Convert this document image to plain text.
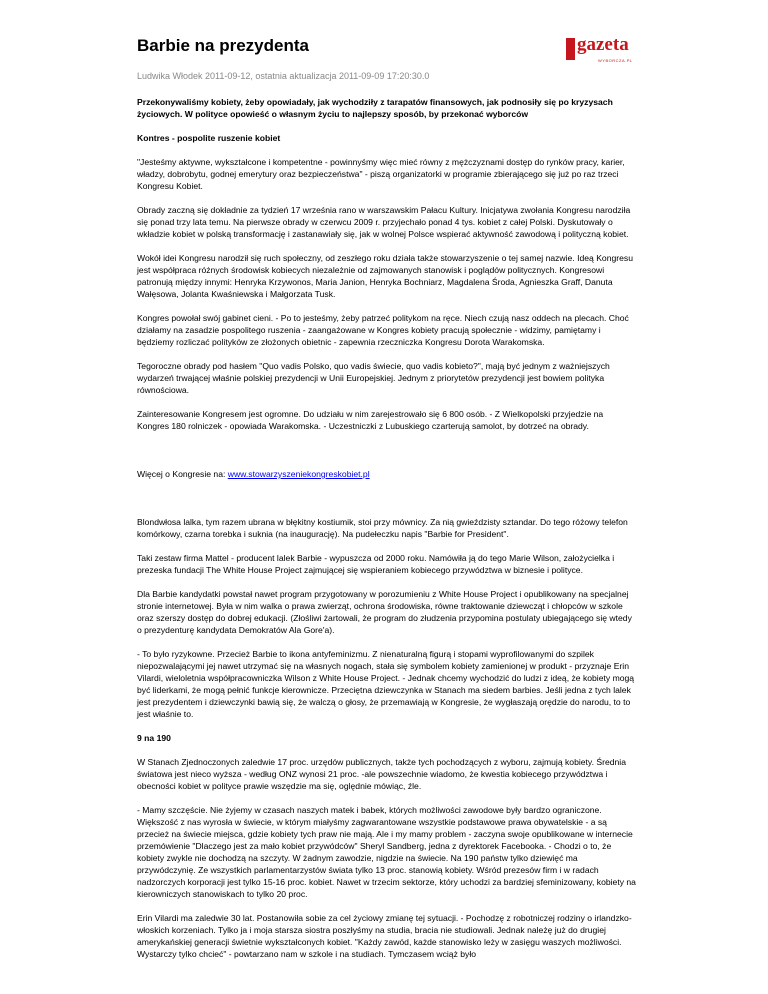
Barbie na prezydenta	gazeta
WYBORCZA.PL
Ludwika Włodek 2011-09-12, ostatnia aktualizacja 2011-09-09 17:20:30.0

Przekonywaliśmy kobiety, żeby opowiadały, jak wychodziły z tarapatów finansowych, jak podnosiły się po kryzysach życiowych. W polityce opowieść o własnym życiu to najlepszy sposób, by przekonać wyborców

Kontres - pospolite ruszenie kobiet

"Jesteśmy aktywne, wykształcone i kompetentne - powinnyśmy więc mieć równy z mężczyznami dostęp do rynków pracy, karier, władzy, dobrobytu, godnej emerytury oraz bezpieczeństwa" - piszą organizatorki w programie zbierającego się już po raz trzeci Kongresu Kobiet.

Obrady zaczną się dokładnie za tydzień 17 września rano w warszawskim Pałacu Kultury. Inicjatywa zwołania Kongresu narodziła się ponad trzy lata temu. Na pierwsze obrady w czerwcu 2009 r. przyjechało ponad 4 tys. kobiet z całej Polski. Dyskutowały o wkładzie kobiet w polską transformację i zastanawiały się, jak w wolnej Polsce wspierać aktywność zawodową i polityczną kobiet.

Wokół idei Kongresu narodził się ruch społeczny, od zeszłego roku działa także stowarzyszenie o tej samej nazwie. Ideą Kongresu jest współpraca różnych środowisk kobiecych niezależnie od zajmowanych stanowisk i poglądów politycznych. Kongresowi patronują między innymi: Henryka Krzywonos, Maria Janion, Henryka Bochniarz, Magdalena Środa, Agnieszka Graff, Danuta Wałęsowa, Jolanta Kwaśniewska i Małgorzata Tusk.

Kongres powołał swój gabinet cieni. - Po to jesteśmy, żeby patrzeć politykom na ręce. Niech czują nasz oddech na plecach. Choć działamy na zasadzie pospolitego ruszenia - zaangażowane w Kongres kobiety pracują społecznie - widzimy, pamiętamy i będziemy rozliczać polityków ze złożonych obietnic - zapewnia rzeczniczka Kongresu Dorota Warakomska.

Tegoroczne obrady pod hasłem "Quo vadis Polsko, quo vadis świecie, quo vadis kobieto?", mają być jednym z ważniejszych wydarzeń trwającej właśnie polskiej prezydencji w Unii Europejskiej. Jednym z priorytetów prezydencji jest bowiem polityka równościowa.

Zainteresowanie Kongresem jest ogromne. Do udziału w nim zarejestrowało się 6 800 osób. - Z Wielkopolski przyjedzie na Kongres 180 rolniczek - opowiada Warakomska. - Uczestniczki z Lubuskiego czarterują samolot, by dotrzeć na obrady.

Więcej o Kongresie na: www.stowarzyszeniekongreskobiet.pl

Blondwłosa lalka, tym razem ubrana w błękitny kostiumik, stoi przy mównicy. Za nią gwieździsty sztandar. Do tego różowy telefon komórkowy, czarna torebka i suknia (na inaugurację). Na pudełeczku napis "Barbie for President".

Taki zestaw firma Mattel - producent lalek Barbie - wypuszcza od 2000 roku. Namówiła ją do tego Marie Wilson, założycielka i prezeska fundacji The White House Project zajmującej się wspieraniem kobiecego przywództwa w biznesie i polityce.

Dla Barbie kandydatki powstał nawet program przygotowany w porozumieniu z White House Project i opublikowany na specjalnej stronie internetowej. Była w nim walka o prawa zwierząt, ochrona środowiska, równe traktowanie dziewcząt i chłopców w szkole oraz szerszy dostęp do dobrej edukacji. (Złośliwi żartowali, że program do złudzenia przypomina postulaty ubiegającego się wtedy o prezydenturę kandydata Demokratów Ala Gore'a).

- To było ryzykowne. Przecież Barbie to ikona antyfeminizmu. Z nienaturalną figurą i stopami wyprofilowanymi do szpilek niepozwalającymi jej nawet utrzymać się na własnych nogach, stała się symbolem kobiety zamienionej w produkt - przyznaje Erin Vilardi, wieloletnia współpracowniczka Wilson z White House Project. - Jednak chcemy wychodzić do ludzi z ideą, że kobiety mogą być liderkami, że mogą pełnić funkcje kierownicze. Przeciętna dziewczynka w Stanach ma siedem barbies. Jeśli jedna z tych lalek jest prezydentem i dziewczynki bawią się, że walczą o głosy, że przemawiają w Kongresie, że wygłaszają orędzie do narodu, to to jest właśnie to.

9 na 190

W Stanach Zjednoczonych zaledwie 17 proc. urzędów publicznych, także tych pochodzących z wyboru, zajmują kobiety. Średnia światowa jest nieco wyższa - według ONZ wynosi 21 proc. -ale powszechnie wiadomo, że kwestia kobiecego przywództwa i obecności kobiet w polityce prawie wszędzie ma się, oględnie mówiąc, źle.

- Mamy szczęście. Nie żyjemy w czasach naszych matek i babek, których możliwości zawodowe były bardzo ograniczone. Większość z nas wyrosła w świecie, w którym miałyśmy zagwarantowane wszystkie podstawowe prawa obywatelskie - a są przecież na świecie miejsca, gdzie kobiety tych praw nie mają. Ale i my mamy problem - zaczyna swoje opublikowane w internecie przemówienie "Dlaczego jest za mało kobiet przywódców" Sheryl Sandberg, jedna z dyrektorek Facebooka. - Chodzi o to, że kobiety zwykle nie dochodzą na szczyty. W żadnym zawodzie, nigdzie na świecie. Na 190 państw tylko dziewięć ma przywódczynię. Ze wszystkich parlamentarzystów świata tylko 13 proc. stanowią kobiety. Wśród prezesów firm i w radach nadzorczych korporacji jest tylko 15-16 proc. kobiet. Nawet w trzecim sektorze, który uchodzi za bardziej sfeminizowany, kobiety na kierowniczych stanowiskach to tylko 20 proc.

Erin Vilardi ma zaledwie 30 lat. Postanowiła sobie za cel życiowy zmianę tej sytuacji. - Pochodzę z robotniczej rodziny o irlandzko-włoskich korzeniach. Tylko ja i moja starsza siostra poszłyśmy na studia, bracia nie studiowali. Jednak należę już do drugiej amerykańskiej generacji świetnie wykształconych kobiet. "Każdy zawód, każde stanowisko leży w zasięgu waszych możliwości. Wystarczy tylko chcieć" - powtarzano nam w szkole i na studiach. Tymczasem wciąż było
